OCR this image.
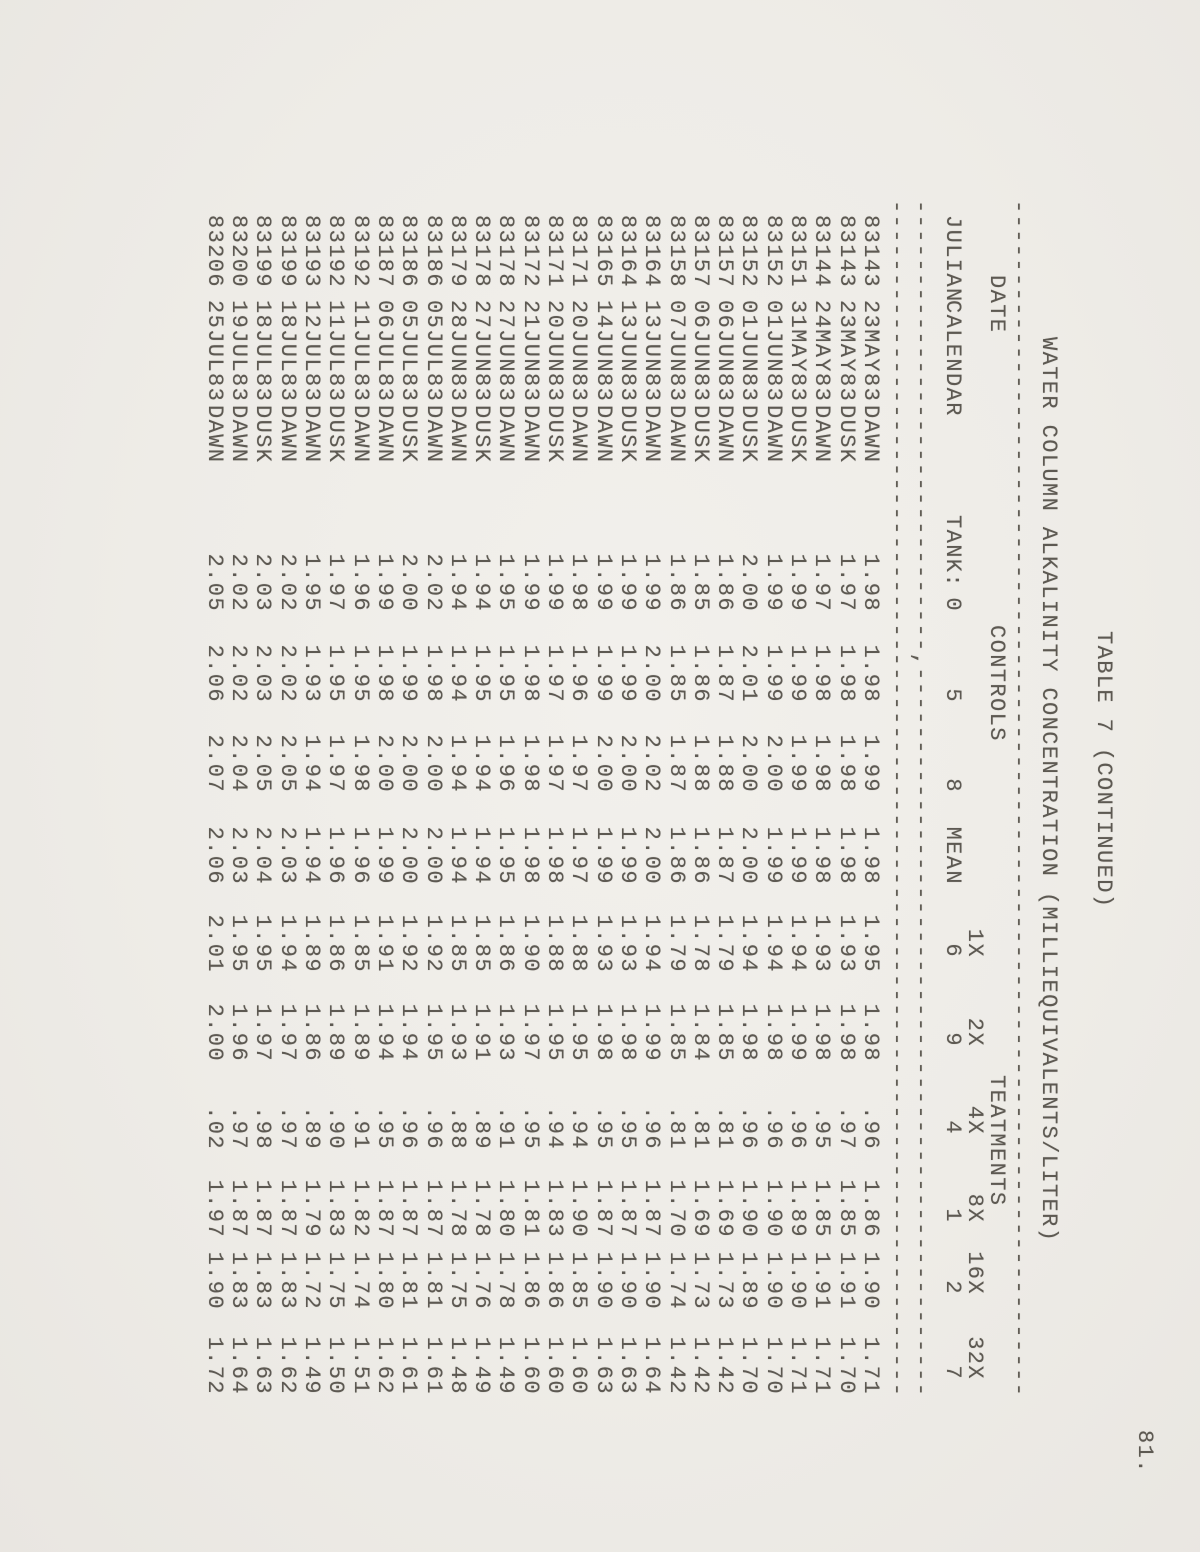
81.

TABLE 7 (CONTINUED)

WATER COLUMN ALKALINITY CONCENTRATION (MILLIEQUIVALENTS/LITER)

----------------------------------------------------------------------------------

DATE

CONTROLS

TEATMENTS

1X

2X

4X

8X

16X

32X

JULIAN

CALENDAR

TANK:

0

5

8

MEAN

6

9

4

1

2

7

-------------------------------,--------------------------------------------------

----------------------------------------------------------------------------------

83143

23MAY83

DAWN

1.98

1.98

1.99

1.98

1.95

1.98

.96

1.86

1.90

1.71

83143

23MAY83

DUSK

1.97

1.98

1.98

1.98

1.93

1.98

.97

1.85

1.91

1.70

83144

24MAY83

DAWN

1.97

1.98

1.98

1.98

1.93

1.98

.95

1.85

1.91

1.71

83151

31MAY83

DUSK

1.99

1.99

1.99

1.99

1.94

1.99

.96

1.89

1.90

1.71

83152

01JUN83

DAWN

1.99

1.99

2.00

1.99

1.94

1.98

.96

1.90

1.90

1.70

83152

01JUN83

DUSK

2.00

2.01

2.00

2.00

1.94

1.98

.96

1.90

1.89

1.70

83157

06JUN83

DAWN

1.86

1.87

1.88

1.87

1.79

1.85

.81

1.69

1.73

1.42

83157

06JUN83

DUSK

1.85

1.86

1.88

1.86

1.78

1.84

.81

1.69

1.73

1.42

83158

07JUN83

DAWN

1.86

1.85

1.87

1.86

1.79

1.85

.81

1.70

1.74

1.42

83164

13JUN83

DAWN

1.99

2.00

2.02

2.00

1.94

1.99

.96

1.87

1.90

1.64

83164

13JUN83

DUSK

1.99

1.99

2.00

1.99

1.93

1.98

.95

1.87

1.90

1.63

83165

14JUN83

DAWN

1.99

1.99

2.00

1.99

1.93

1.98

.95

1.87

1.90

1.63

83171

20JUN83

DAWN

1.98

1.96

1.97

1.97

1.88

1.95

.94

1.90

1.85

1.60

83171

20JUN83

DUSK

1.99

1.97

1.97

1.98

1.88

1.95

.94

1.83

1.86

1.60

83172

21JUN83

DAWN

1.99

1.98

1.98

1.98

1.90

1.97

.95

1.81

1.86

1.60

83178

27JUN83

DAWN

1.95

1.95

1.96

1.95

1.86

1.93

.91

1.80

1.78

1.49

83178

27JUN83

DUSK

1.94

1.95

1.94

1.94

1.85

1.91

.89

1.78

1.76

1.49

83179

28JUN83

DAWN

1.94

1.94

1.94

1.94

1.85

1.93

.88

1.78

1.75

1.48

83186

05JUL83

DAWN

2.02

1.98

2.00

2.00

1.92

1.95

.96

1.87

1.81

1.61

83186

05JUL83

DUSK

2.00

1.99

2.00

2.00

1.92

1.94

.96

1.87

1.81

1.61

83187

06JUL83

DAWN

1.99

1.98

2.00

1.99

1.91

1.94

.95

1.87

1.80

1.62

83192

11JUL83

DAWN

1.96

1.95

1.98

1.96

1.85

1.89

.91

1.82

1.74

1.51

83192

11JUL83

DUSK

1.97

1.95

1.97

1.96

1.86

1.89

.90

1.83

1.75

1.50

83193

12JUL83

DAWN

1.95

1.93

1.94

1.94

1.89

1.86

.89

1.79

1.72

1.49

83199

18JUL83

DAWN

2.02

2.02

2.05

2.03

1.94

1.97

.97

1.87

1.83

1.62

83199

18JUL83

DUSK

2.03

2.03

2.05

2.04

1.95

1.97

.98

1.87

1.83

1.63

83200

19JUL83

DAWN

2.02

2.02

2.04

2.03

1.95

1.96

.97

1.87

1.83

1.64

83206

25JUL83

DAWN

2.05

2.06

2.07

2.06

2.01

2.00

.02

1.97

1.90

1.72
